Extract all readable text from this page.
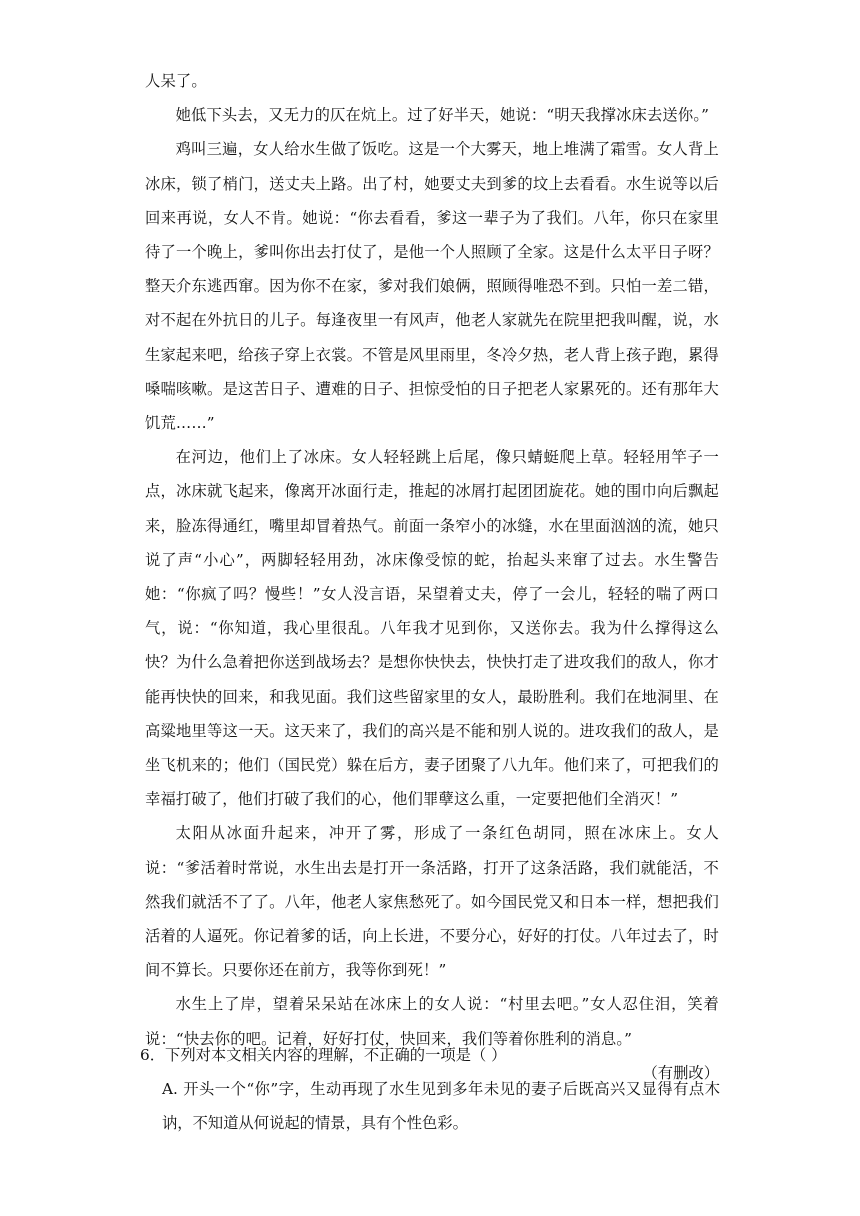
人呆了。

她低下头去，又无力的仄在炕上。过了好半天，她说：“明天我撑冰床去送你。”

鸡叫三遍，女人给水生做了饭吃。这是一个大雾天，地上堆满了霜雪。女人背上冰床，锁了梢门，送丈夫上路。出了村，她要丈夫到爹的坟上去看看。水生说等以后回来再说，女人不肯。她说：“你去看看，爹这一辈子为了我们。八年，你只在家里待了一个晚上，爹叫你出去打仗了，是他一个人照顾了全家。这是什么太平日子呀？整天介东逃西窜。因为你不在家，爹对我们娘俩，照顾得唯恐不到。只怕一差二错，对不起在外抗日的儿子。每逢夜里一有风声，他老人家就先在院里把我叫醒，说，水生家起来吧，给孩子穿上衣裳。不管是风里雨里，冬冷夕热，老人背上孩子跑，累得嗓喘咳嗽。是这苦日子、遭难的日子、担惊受怕的日子把老人家累死的。还有那年大饥荒……”

在河边，他们上了冰床。女人轻轻跳上后尾，像只蜻蜓爬上草。轻轻用竿子一点，冰床就飞起来，像离开冰面行走，推起的冰屑打起团团旋花。她的围巾向后飘起来，脸冻得通红，嘴里却冒着热气。前面一条窄小的冰缝，水在里面汹汹的流，她只说了声“小心”，两脚轻轻用劲，冰床像受惊的蛇，抬起头来窜了过去。水生警告她：“你疯了吗？慢些！”女人没言语，呆望着丈夫，停了一会儿，轻轻的喘了两口气，说：“你知道，我心里很乱。八年我才见到你，又送你去。我为什么撑得这么快？为什么急着把你送到战场去？是想你快快去，快快打走了进攻我们的敌人，你才能再快快的回来，和我见面。我们这些留家里的女人，最盼胜利。我们在地洞里、在高粱地里等这一天。这天来了，我们的高兴是不能和别人说的。进攻我们的敌人，是坐飞机来的；他们（国民党）躲在后方，妻子团聚了八九年。他们来了，可把我们的幸福打破了，他们打破了我们的心，他们罪孽这么重，一定要把他们全消灭！”

太阳从冰面升起来，冲开了雾，形成了一条红色胡同，照在冰床上。女人说：“爹活着时常说，水生出去是打开一条活路，打开了这条活路，我们就能活，不然我们就活不了了。八年，他老人家焦愁死了。如今国民党又和日本一样，想把我们活着的人逼死。你记着爹的话，向上长进，不要分心，好好的打仗。八年过去了，时间不算长。只要你还在前方，我等你到死！”

水生上了岸，望着呆呆站在冰床上的女人说：“村里去吧。”女人忍住泪，笑着说：“快去你的吧。记着，好好打仗，快回来，我们等着你胜利的消息。”

（有删改）

6．下列对本文相关内容的理解，不正确的一项是（ ）

A. 开头一个“你”字，生动再现了水生见到多年未见的妻子后既高兴又显得有点木讷，不知道从何说起的情景，具有个性色彩。
